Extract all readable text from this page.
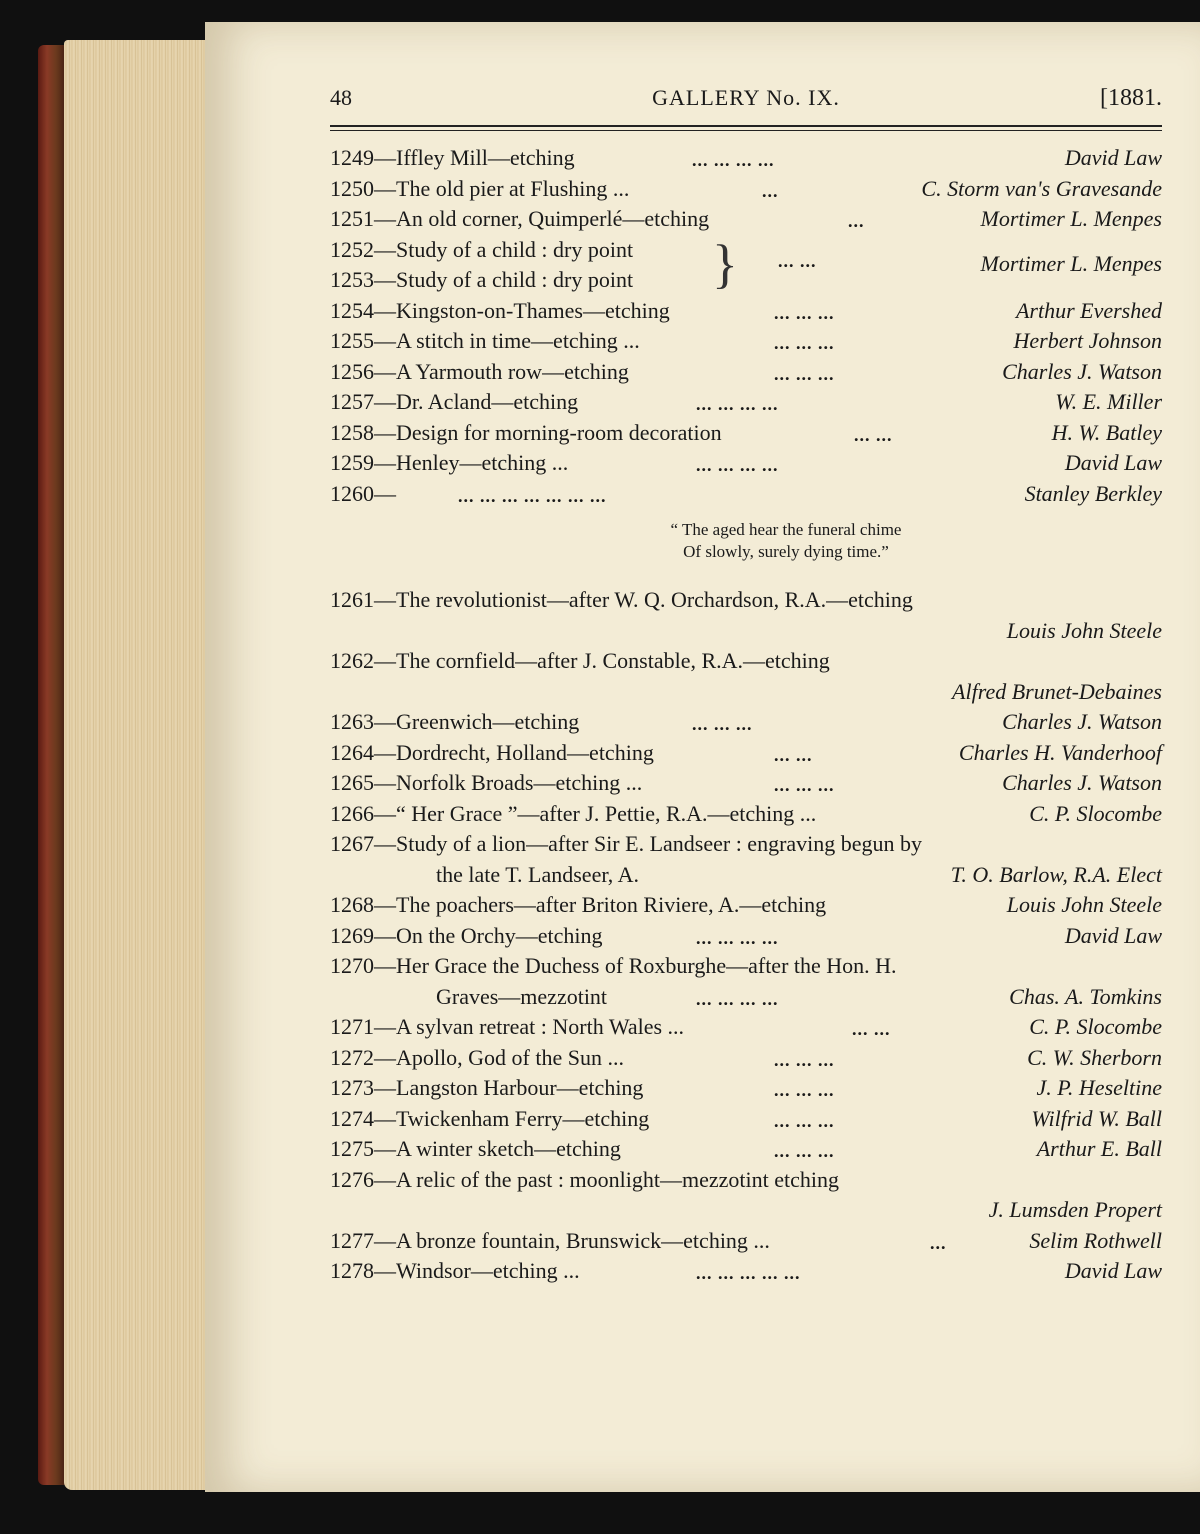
48	GALLERY No. IX.	[1881.
1249—Iffley Mill—etching	... ... ... ...	David Law
1250—The old pier at Flushing ...	...	C. Storm van's Gravesande
1251—An old corner, Quimperlé—etching	...	Mortimer L. Menpes
1252—Study of a child : dry point
1253—Study of a child : dry point } ... ...	Mortimer L. Menpes
1254—Kingston-on-Thames—etching	... ... ...	Arthur Evershed
1255—A stitch in time—etching ...	... ... ...	Herbert Johnson
1256—A Yarmouth row—etching	... ... ...	Charles J. Watson
1257—Dr. Acland—etching	... ... ... ...	W. E. Miller
1258—Design for morning-room decoration	... ...	H. W. Batley
1259—Henley—etching ...	... ... ... ...	David Law
1260—	... ... ... ... ... ... ...	Stanley Berkley
“ The aged hear the funeral chime
Of slowly, surely dying time.”
1261—The revolutionist—after W. Q. Orchardson, R.A.—etching
Louis John Steele
1262—The cornfield—after J. Constable, R.A.—etching
Alfred Brunet-Debaines
1263—Greenwich—etching	... ... ...	Charles J. Watson
1264—Dordrecht, Holland—etching	... ...	Charles H. Vanderhoof
1265—Norfolk Broads—etching ...	... ... ...	Charles J. Watson
1266—“ Her Grace ”—after J. Pettie, R.A.—etching ...	C. P. Slocombe
1267—Study of a lion—after Sir E. Landseer : engraving begun by
the late T. Landseer, A.	T. O. Barlow, R.A. Elect
1268—The poachers—after Briton Riviere, A.—etching	Louis John Steele
1269—On the Orchy—etching	... ... ... ...	David Law
1270—Her Grace the Duchess of Roxburghe—after the Hon. H.
Graves—mezzotint	... ... ... ...	Chas. A. Tomkins
1271—A sylvan retreat : North Wales ...	... ...	C. P. Slocombe
1272—Apollo, God of the Sun ...	... ... ...	C. W. Sherborn
1273—Langston Harbour—etching	... ... ...	J. P. Heseltine
1274—Twickenham Ferry—etching	... ... ...	Wilfrid W. Ball
1275—A winter sketch—etching	... ... ...	Arthur E. Ball
1276—A relic of the past : moonlight—mezzotint etching
J. Lumsden Propert
1277—A bronze fountain, Brunswick—etching ...	...	Selim Rothwell
1278—Windsor—etching ...	... ... ... ... ...	David Law
